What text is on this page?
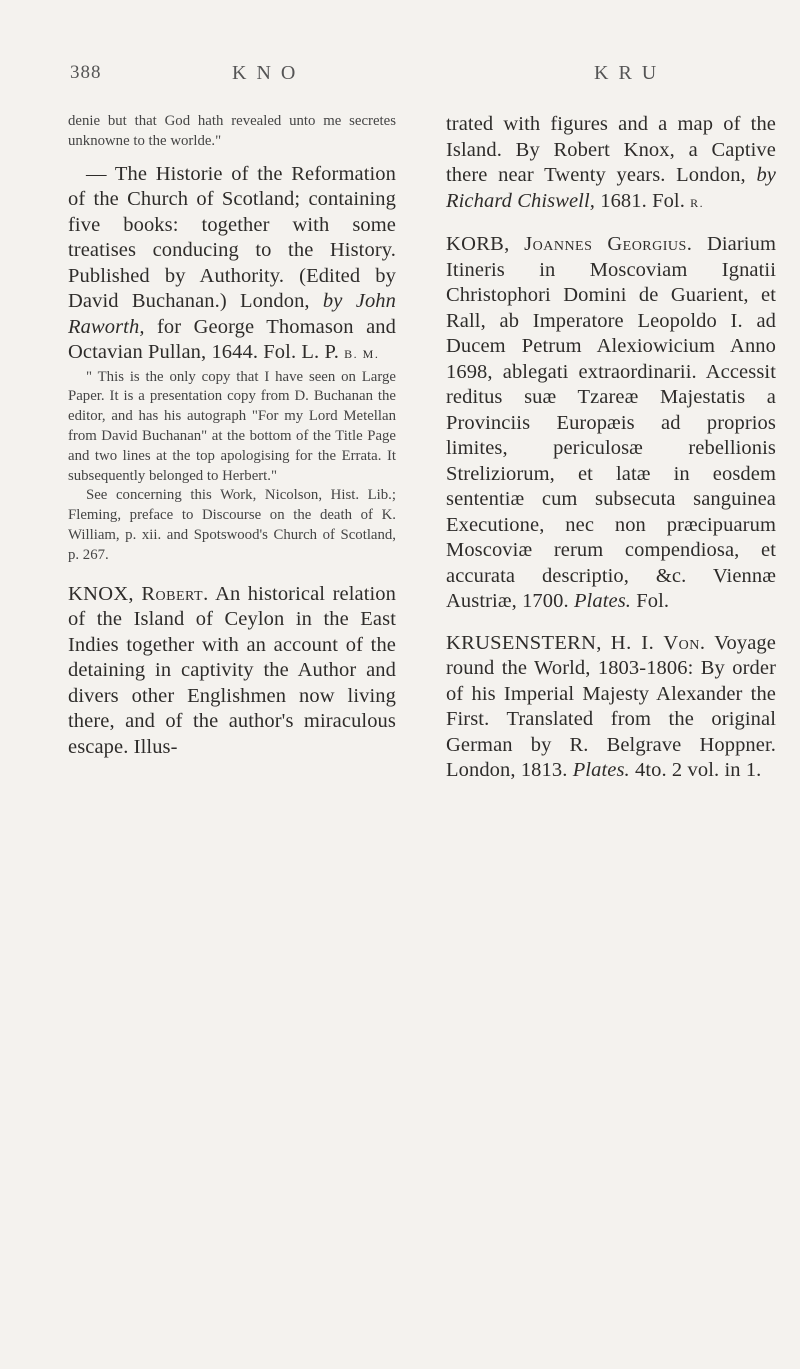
388	KNO	KRU

denie but that God hath revealed unto me secretes unknowne to the worlde."

— The Historie of the Reformation of the Church of Scotland; containing five books: together with some treatises conducing to the History. Published by Authority. (Edited by David Buchanan.) London, by John Raworth, for George Thomason and Octavian Pullan, 1644. Fol. L. P. B. M.

" This is the only copy that I have seen on Large Paper. It is a presentation copy from D. Buchanan the editor, and has his autograph "For my Lord Metellan from David Buchanan" at the bottom of the Title Page and two lines at the top apologising for the Errata. It subsequently belonged to Herbert."

See concerning this Work, Nicolson, Hist. Lib.; Fleming, preface to Discourse on the death of K. William, p. xii. and Spotswood's Church of Scotland, p. 267.

KNOX, Robert. An historical relation of the Island of Ceylon in the East Indies together with an account of the detaining in captivity the Author and divers other Englishmen now living there, and of the author's miraculous escape. Illus-

trated with figures and a map of the Island. By Robert Knox, a Captive there near Twenty years. London, by Richard Chiswell, 1681. Fol. R.

KORB, Joannes Georgius. Diarium Itineris in Moscoviam Ignatii Christophori Domini de Guarient, et Rall, ab Imperatore Leopoldo I. ad Ducem Petrum Alexiowicium Anno 1698, ablegati extraordinarii. Accessit reditus suæ Tzareæ Majestatis a Provinciis Europæis ad proprios limites, periculosæ rebellionis Streliziorum, et latæ in eosdem sententiæ cum subsecuta sanguinea Executione, nec non præcipuarum Moscoviæ rerum compendiosa, et accurata descriptio, &c. Viennæ Austriæ, 1700. Plates. Fol.

KRUSENSTERN, H. I. Von. Voyage round the World, 1803-1806: By order of his Imperial Majesty Alexander the First. Translated from the original German by R. Belgrave Hoppner. London, 1813. Plates. 4to. 2 vol. in 1.
